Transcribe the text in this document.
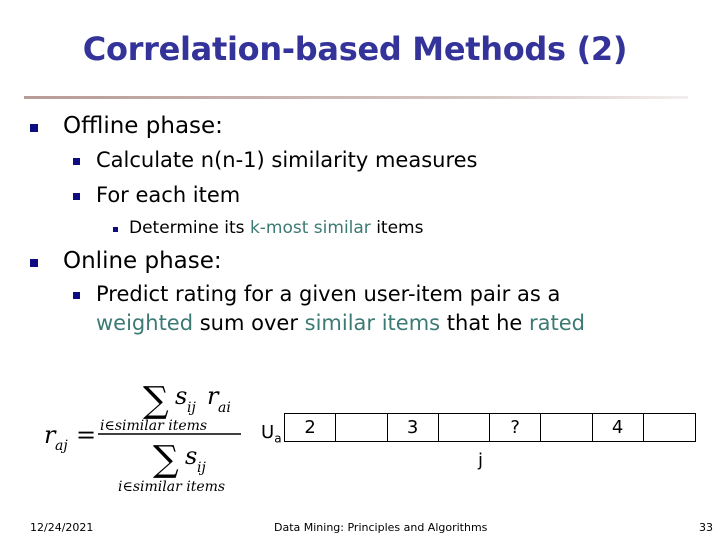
Correlation-based Methods (2)
Offline phase:
Calculate n(n-1) similarity measures
For each item
Determine its k-most similar items
Online phase:
Predict rating for a given user-item pair as a
weighted sum over similar items that he rated
r aj =
∑ s ij r ai
i∈similar items
∑ s ij
i∈similar items
$U_a$
2	3	?	4
j
12/24/2021	Data Mining: Principles and Algorithms	33
